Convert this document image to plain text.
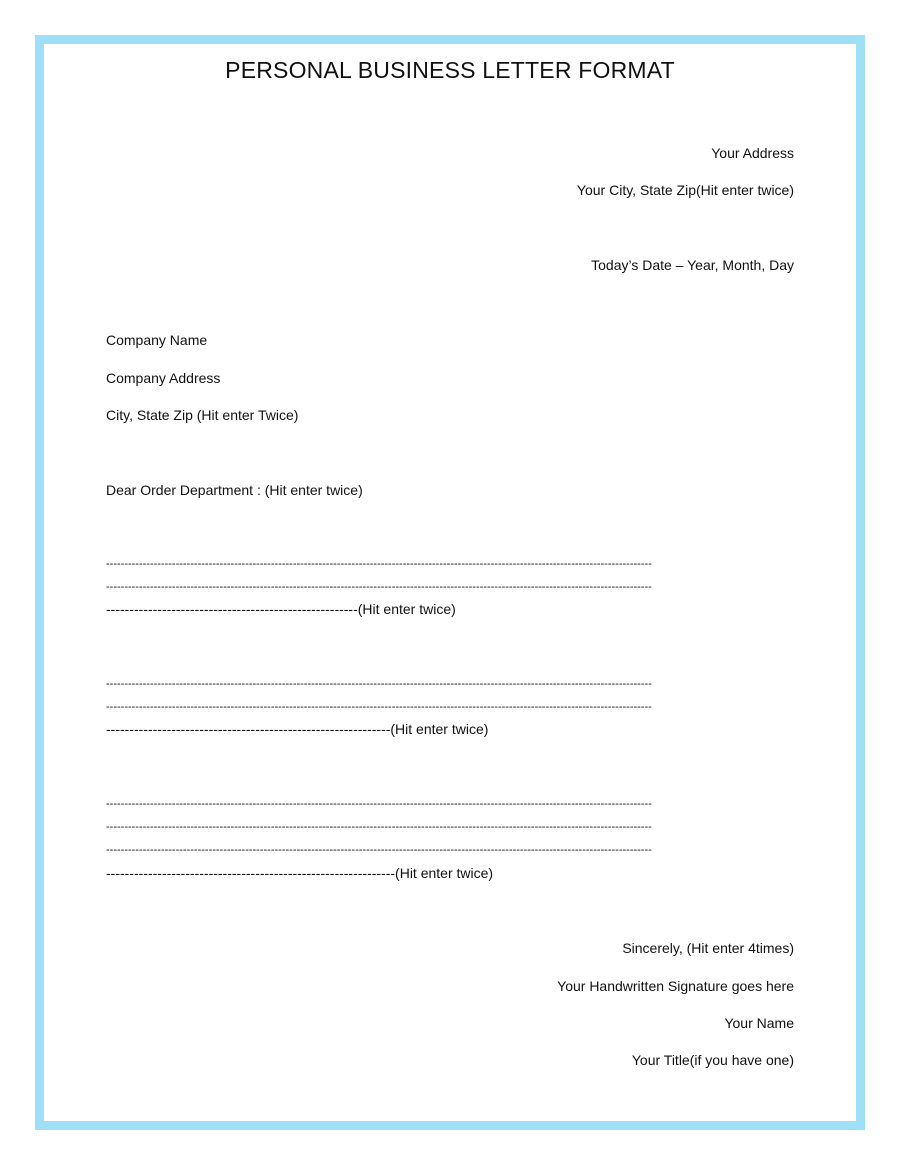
PERSONAL BUSINESS LETTER FORMAT
Your Address
Your City, State Zip(Hit enter twice)
Today’s Date – Year, Month, Day
Company Name
Company Address
City, State Zip (Hit enter Twice)
Dear Order Department : (Hit enter twice)
-----------------------------------------------------------------------------------------------------------------------------------------------------
-----------------------------------------------------------------------------------------------------------------------------------------------------
------------------------------------------------------(Hit enter twice)
-----------------------------------------------------------------------------------------------------------------------------------------------------
-----------------------------------------------------------------------------------------------------------------------------------------------------
-------------------------------------------------------------(Hit enter twice)
-----------------------------------------------------------------------------------------------------------------------------------------------------
-----------------------------------------------------------------------------------------------------------------------------------------------------
-----------------------------------------------------------------------------------------------------------------------------------------------------
--------------------------------------------------------------(Hit enter twice)
Sincerely, (Hit enter 4times)
Your Handwritten Signature goes here
Your Name
Your Title(if you have one)
